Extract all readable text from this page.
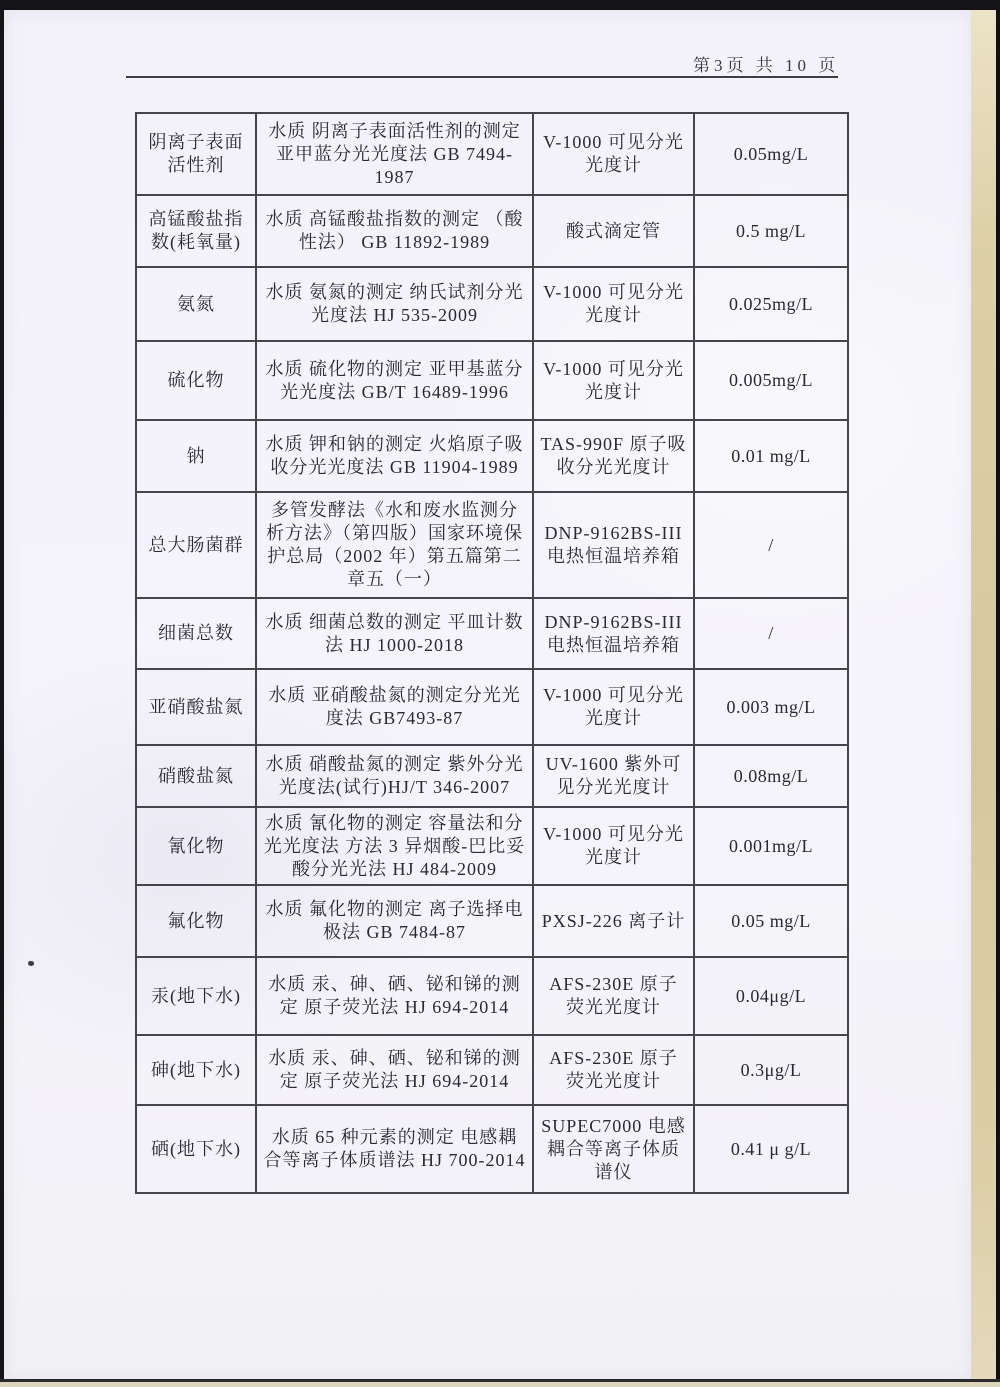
第3页 共 10 页
阴离子表面活性剂	水质 阴离子表面活性剂的测定 亚甲蓝分光光度法 GB 7494-1987	V-1000 可见分光光度计	0.05mg/L
高锰酸盐指数(耗氧量)	水质 高锰酸盐指数的测定 （酸性法） GB 11892-1989	酸式滴定管	0.5 mg/L
氨氮	水质 氨氮的测定 纳氏试剂分光光度法 HJ 535-2009	V-1000 可见分光光度计	0.025mg/L
硫化物	水质 硫化物的测定 亚甲基蓝分光光度法 GB/T 16489-1996	V-1000 可见分光光度计	0.005mg/L
钠	水质 钾和钠的测定 火焰原子吸收分光光度法 GB 11904-1989	TAS-990F 原子吸收分光光度计	0.01 mg/L
总大肠菌群	多管发酵法《水和废水监测分析方法》（第四版）国家环境保护总局（2002 年）第五篇第二章五（一）	DNP-9162BS-III 电热恒温培养箱	/
细菌总数	水质 细菌总数的测定 平皿计数法 HJ 1000-2018	DNP-9162BS-III 电热恒温培养箱	/
亚硝酸盐氮	水质 亚硝酸盐氮的测定分光光度法 GB7493-87	V-1000 可见分光光度计	0.003 mg/L
硝酸盐氮	水质 硝酸盐氮的测定 紫外分光光度法(试行)HJ/T 346-2007	UV-1600 紫外可见分光光度计	0.08mg/L
氰化物	水质 氰化物的测定 容量法和分光光度法 方法 3 异烟酸-巴比妥酸分光光法 HJ 484-2009	V-1000 可见分光光度计	0.001mg/L
氟化物	水质 氟化物的测定 离子选择电极法 GB 7484-87	PXSJ-226 离子计	0.05 mg/L
汞(地下水)	水质 汞、砷、硒、铋和锑的测定 原子荧光法 HJ 694-2014	AFS-230E 原子荧光光度计	0.04μg/L
砷(地下水)	水质 汞、砷、硒、铋和锑的测定 原子荧光法 HJ 694-2014	AFS-230E 原子荧光光度计	0.3μg/L
硒(地下水)	水质 65 种元素的测定 电感耦合等离子体质谱法 HJ 700-2014	SUPEC7000 电感耦合等离子体质谱仪	0.41 μ g/L
